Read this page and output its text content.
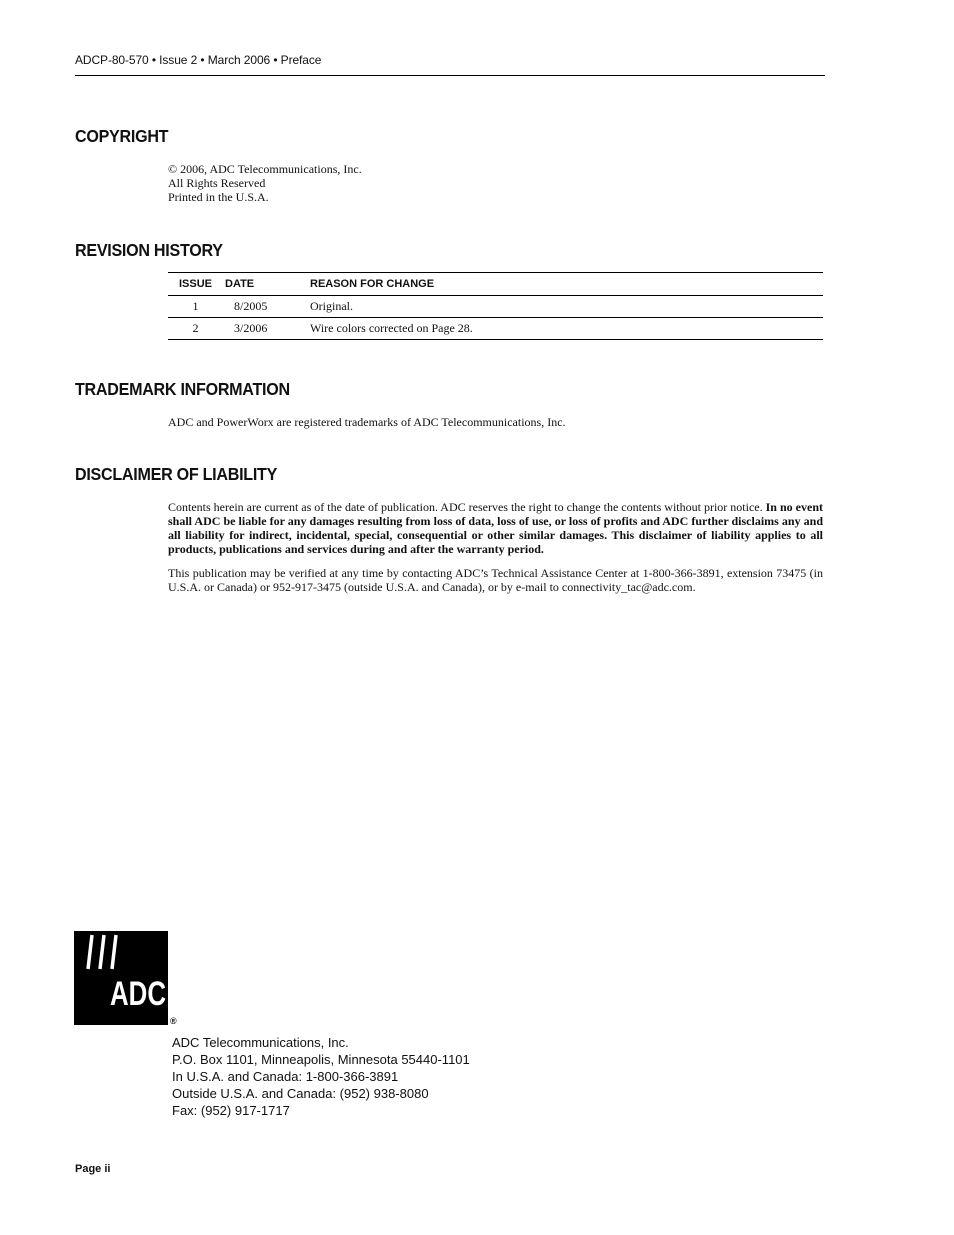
ADCP-80-570 • Issue 2 • March 2006 • Preface
COPYRIGHT
© 2006, ADC Telecommunications, Inc.
All Rights Reserved
Printed in the U.S.A.
REVISION HISTORY
ISSUE	DATE	REASON FOR CHANGE
1	8/2005	Original.
2	3/2006	Wire colors corrected on Page 28.
TRADEMARK INFORMATION
ADC and PowerWorx are registered trademarks of ADC Telecommunications, Inc.
DISCLAIMER OF LIABILITY
Contents herein are current as of the date of publication. ADC reserves the right to change the contents without prior notice. In no event shall ADC be liable for any damages resulting from loss of data, loss of use, or loss of profits and ADC further disclaims any and all liability for indirect, incidental, special, consequential or other similar damages. This disclaimer of liability applies to all products, publications and services during and after the warranty period.
This publication may be verified at any time by contacting ADC’s Technical Assistance Center at 1-800-366-3891, extension 73475 (in U.S.A. or Canada) or 952-917-3475 (outside U.S.A. and Canada), or by e-mail to connectivity_tac@adc.com.
ADC
®
ADC Telecommunications, Inc.
P.O. Box 1101, Minneapolis, Minnesota 55440-1101
In U.S.A. and Canada: 1-800-366-3891
Outside U.S.A. and Canada: (952) 938-8080
Fax: (952) 917-1717
Page ii
